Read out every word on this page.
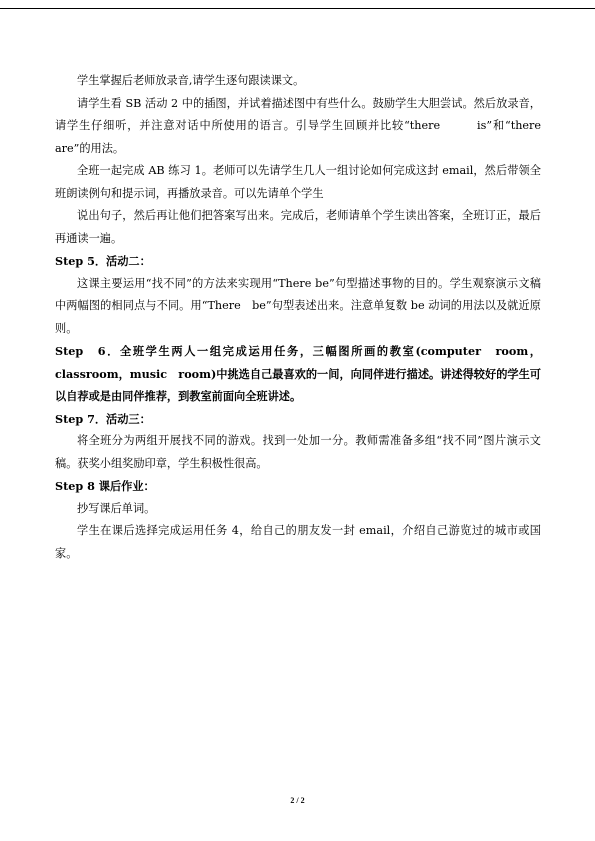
学生掌握后老师放录音,请学生逐句跟读课文。

请学生看 SB 活动 2 中的插图，并试着描述图中有些什么。鼓励学生大胆尝试。然后放录音，请学生仔细听，并注意对话中所使用的语言。引导学生回顾并比较“there　　　is”和“there are”的用法。

全班一起完成 AB 练习 1。老师可以先请学生几人一组讨论如何完成这封 email，然后带领全班朗读例句和提示词，再播放录音。可以先请单个学生

说出句子，然后再让他们把答案写出来。完成后，老师请单个学生读出答案，全班订正，最后再通读一遍。

Step 5．活动二：

这课主要运用“找不同”的方法来实现用“There be”句型描述事物的目的。学生观察演示文稿中两幅图的相同点与不同。用“There　be”句型表述出来。注意单复数 be 动词的用法以及就近原则。

Step　6．全班学生两人一组完成运用任务，三幅图所画的教室(computer　room，classroom，music　room)中挑选自己最喜欢的一间，向同伴进行描述。讲述得较好的学生可以自荐或是由同伴推荐，到教室前面向全班讲述。

Step 7．活动三：

将全班分为两组开展找不同的游戏。找到一处加一分。教师需准备多组“找不同”图片演示文稿。获奖小组奖励印章，学生积极性很高。

Step 8 课后作业：

抄写课后单词。

学生在课后选择完成运用任务 4，给自己的朋友发一封 email，介绍自己游览过的城市或国家。

2 / 2
